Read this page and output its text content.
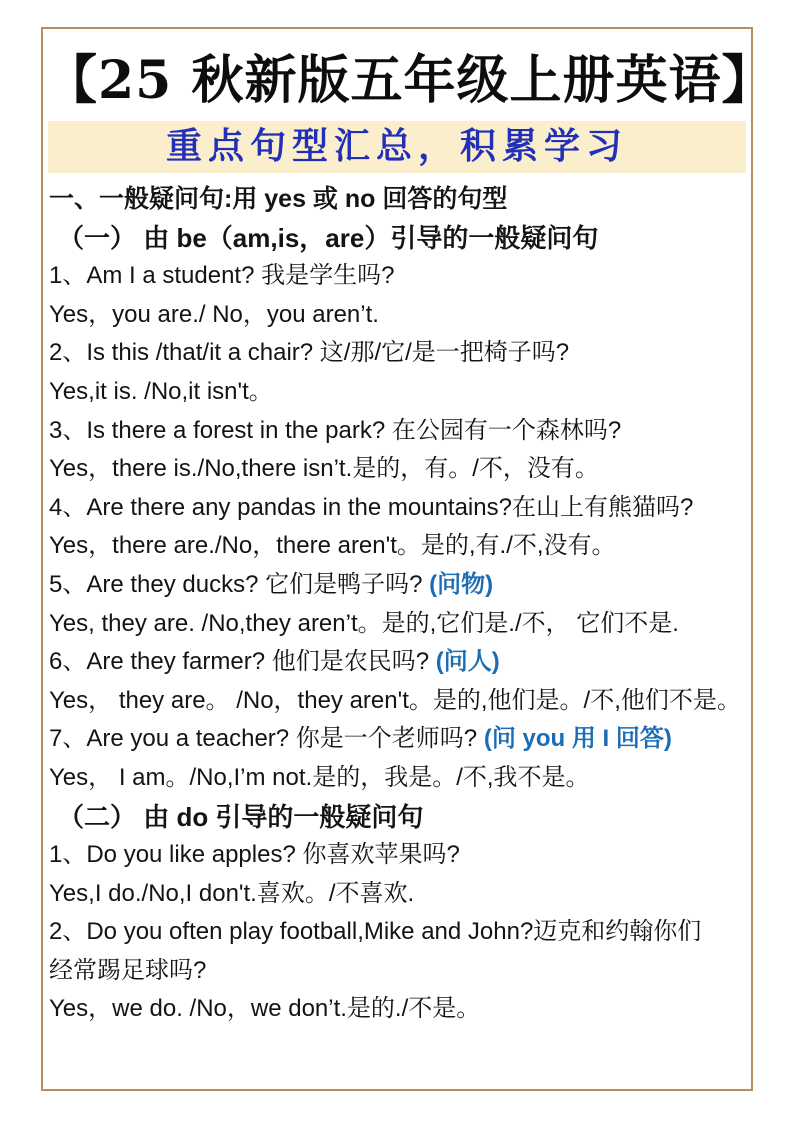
【25 秋新版五年级上册英语】
重点句型汇总，积累学习
一、一般疑问句:用 yes 或 no 回答的句型
（一） 由 be（am,is，are）引导的一般疑问句
1、Am I a student? 我是学生吗?
Yes，you are./ No，you aren’t.
2、Is this /that/it a chair? 这/那/它/是一把椅子吗?
Yes,it is. /No,it isn't。
3、Is there a forest in the park? 在公园有一个森林吗?
Yes，there is./No,there isn’t.是的，有。/不，没有。
4、Are there any pandas in the mountains?在山上有熊猫吗?
Yes，there are./No，there aren't。是的,有./不,没有。
5、Are they ducks? 它们是鸭子吗? (问物)
Yes, they are. /No,they aren’t。是的,它们是./不， 它们不是.
6、Are they farmer? 他们是农民吗? (问人)
Yes， they are。 /No，they aren't。是的,他们是。/不,他们不是。
7、Are you a teacher? 你是一个老师吗? (问 you 用 I 回答)
Yes， I am。/No,I’m not.是的，我是。/不,我不是。
（二） 由 do 引导的一般疑问句
1、Do you like apples? 你喜欢苹果吗?
Yes,I do./No,I don't.喜欢。/不喜欢.
2、Do you often play football,Mike and John?迈克和约翰你们
经常踢足球吗?
Yes，we do. /No，we don’t.是的./不是。
